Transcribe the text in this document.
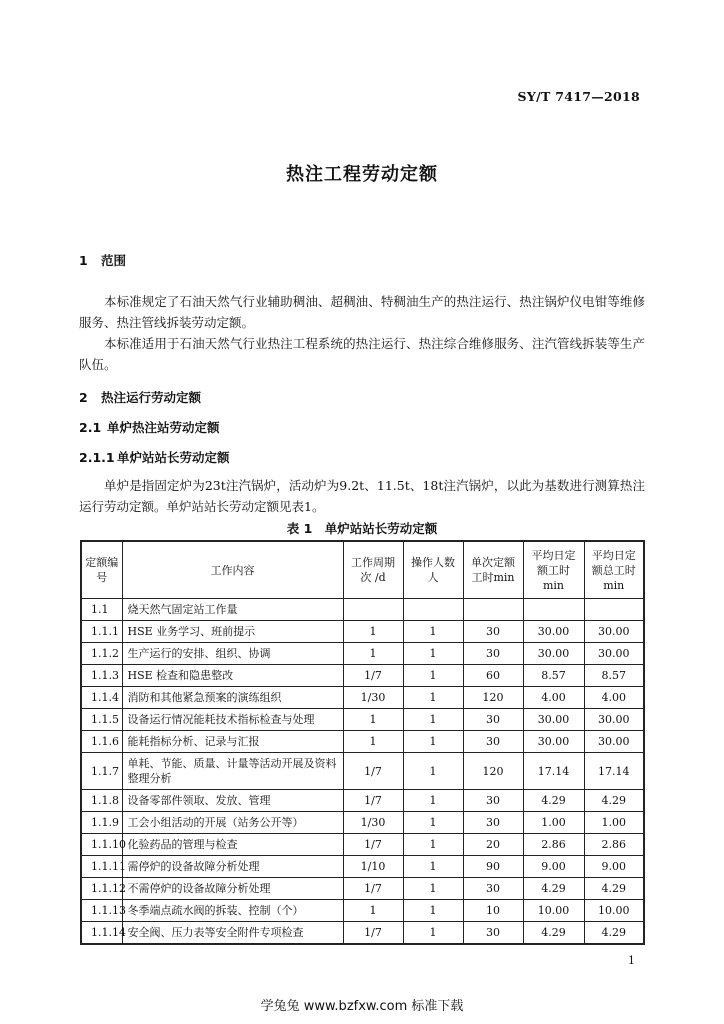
SY/T 7417—2018
热注工程劳动定额
1 范围
本标准规定了石油天然气行业辅助稠油、超稠油、特稠油生产的热注运行、热注锅炉仪电钳等维修服务、热注管线拆装劳动定额。
本标准适用于石油天然气行业热注工程系统的热注运行、热注综合维修服务、注汽管线拆装等生产队伍。
2 热注运行劳动定额
2.1 单炉热注站劳动定额
2.1.1 单炉站站长劳动定额
单炉是指固定炉为23t注汽锅炉，活动炉为9.2t、11.5t、18t注汽锅炉，以此为基数进行测算热注运行劳动定额。单炉站站长劳动定额见表1。
表 1　单炉站站长劳动定额
定额编号	工作内容	工作周期次 /d	操作人数人	单次定额工时min	平均日定额工时min	平均日定额总工时min
1.1	烧天然气固定站工作量					
1.1.1	HSE 业务学习、班前提示	1	1	30	30.00	30.00
1.1.2	生产运行的安排、组织、协调	1	1	30	30.00	30.00
1.1.3	HSE 检查和隐患整改	1/7	1	60	8.57	8.57
1.1.4	消防和其他紧急预案的演练组织	1/30	1	120	4.00	4.00
1.1.5	设备运行情况能耗技术指标检查与处理	1	1	30	30.00	30.00
1.1.6	能耗指标分析、记录与汇报	1	1	30	30.00	30.00
1.1.7	单耗、节能、质量、计量等活动开展及资料整理分析	1/7	1	120	17.14	17.14
1.1.8	设备零部件领取、发放、管理	1/7	1	30	4.29	4.29
1.1.9	工会小组活动的开展（站务公开等）	1/30	1	30	1.00	1.00
1.1.10	化验药品的管理与检查	1/7	1	20	2.86	2.86
1.1.11	需停炉的设备故障分析处理	1/10	1	90	9.00	9.00
1.1.12	不需停炉的设备故障分析处理	1/7	1	30	4.29	4.29
1.1.13	冬季端点疏水阀的拆装、控制（个）	1	1	10	10.00	10.00
1.1.14	安全阀、压力表等安全附件专项检查	1/7	1	30	4.29	4.29
1
学兔兔 www.bzfxw.com 标准下载
